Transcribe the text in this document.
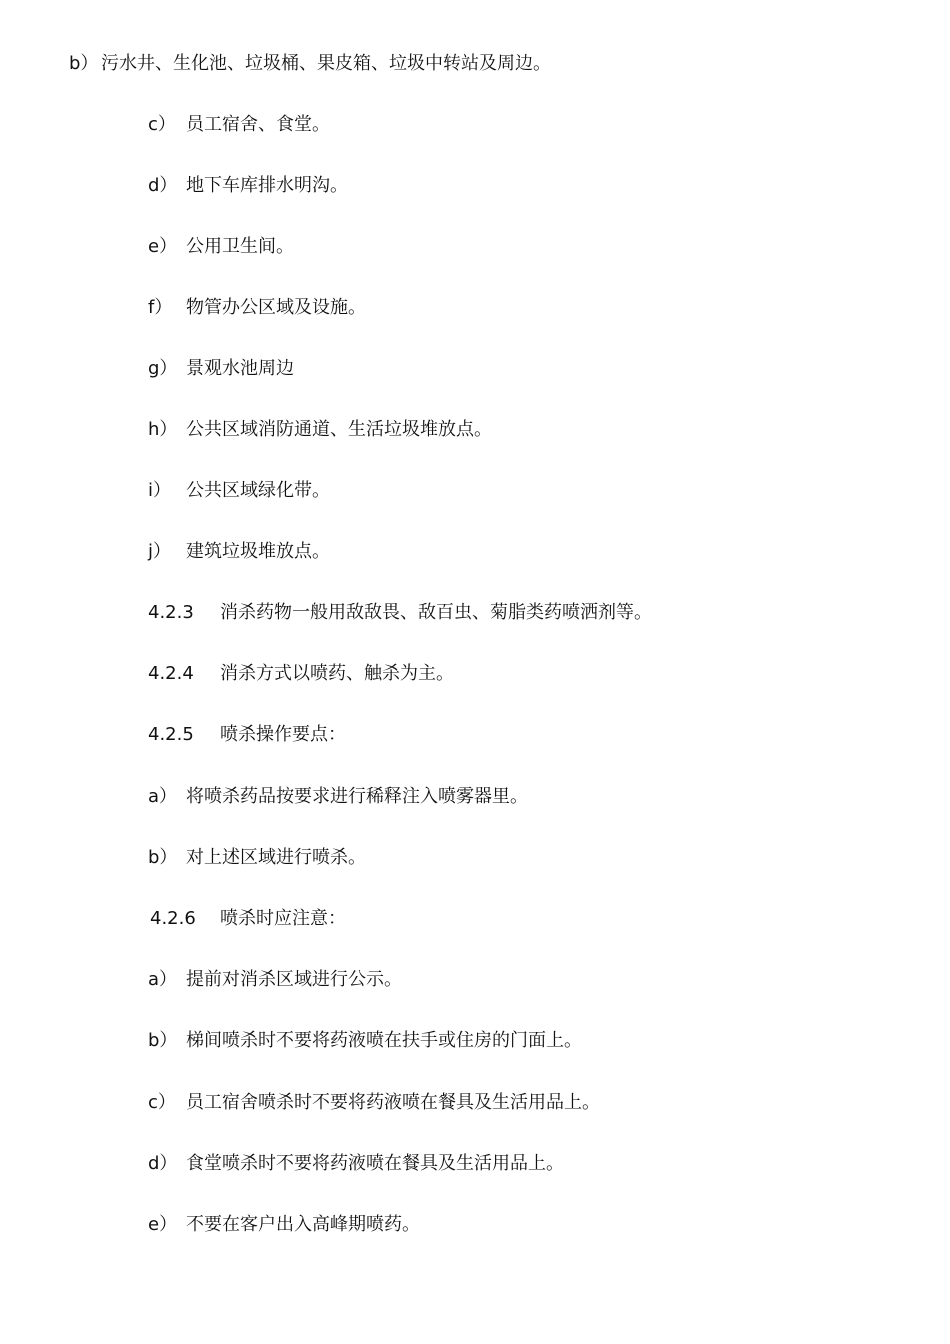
b） 污水井、生化池、垃圾桶、果皮箱、垃圾中转站及周边。
c） 员工宿舍、食堂。
d） 地下车库排水明沟。
e） 公用卫生间。
f） 物管办公区域及设施。
g） 景观水池周边
h） 公共区域消防通道、生活垃圾堆放点。
i） 公共区域绿化带。
j） 建筑垃圾堆放点。
4.2.3 消杀药物一般用敌敌畏、敌百虫、菊脂类药喷洒剂等。
4.2.4 消杀方式以喷药、触杀为主。
4.2.5 喷杀操作要点：
a） 将喷杀药品按要求进行稀释注入喷雾器里。
b） 对上述区域进行喷杀。
4.2.6 喷杀时应注意：
a） 提前对消杀区域进行公示。
b） 梯间喷杀时不要将药液喷在扶手或住房的门面上。
c） 员工宿舍喷杀时不要将药液喷在餐具及生活用品上。
d） 食堂喷杀时不要将药液喷在餐具及生活用品上。
e） 不要在客户出入高峰期喷药。
